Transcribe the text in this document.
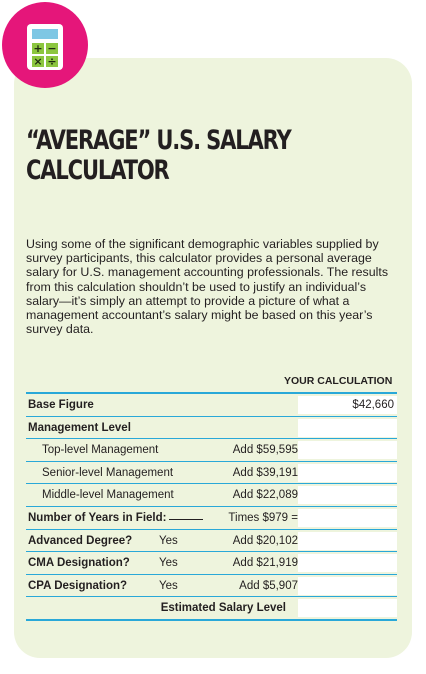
+ −
× ÷
“AVERAGE” U.S. SALARY
CALCULATOR

Using some of the significant demographic variables supplied by survey participants, this calculator provides a personal average salary for U.S. management accounting professionals. The results from this calculation shouldn’t be used to justify an individual’s salary—it’s simply an attempt to provide a picture of what a management accountant’s salary might be based on this year’s survey data.

YOUR CALCULATION
Base Figure	$42,660
Management Level
Top-level Management	Add $59,595
Senior-level Management	Add $39,191
Middle-level Management	Add $22,089
Number of Years in Field:	Times $979 =
Advanced Degree? Yes	Add $20,102
CMA Designation?	Yes	Add $21,919
CPA Designation?	Yes	Add $5,907
Estimated Salary Level
